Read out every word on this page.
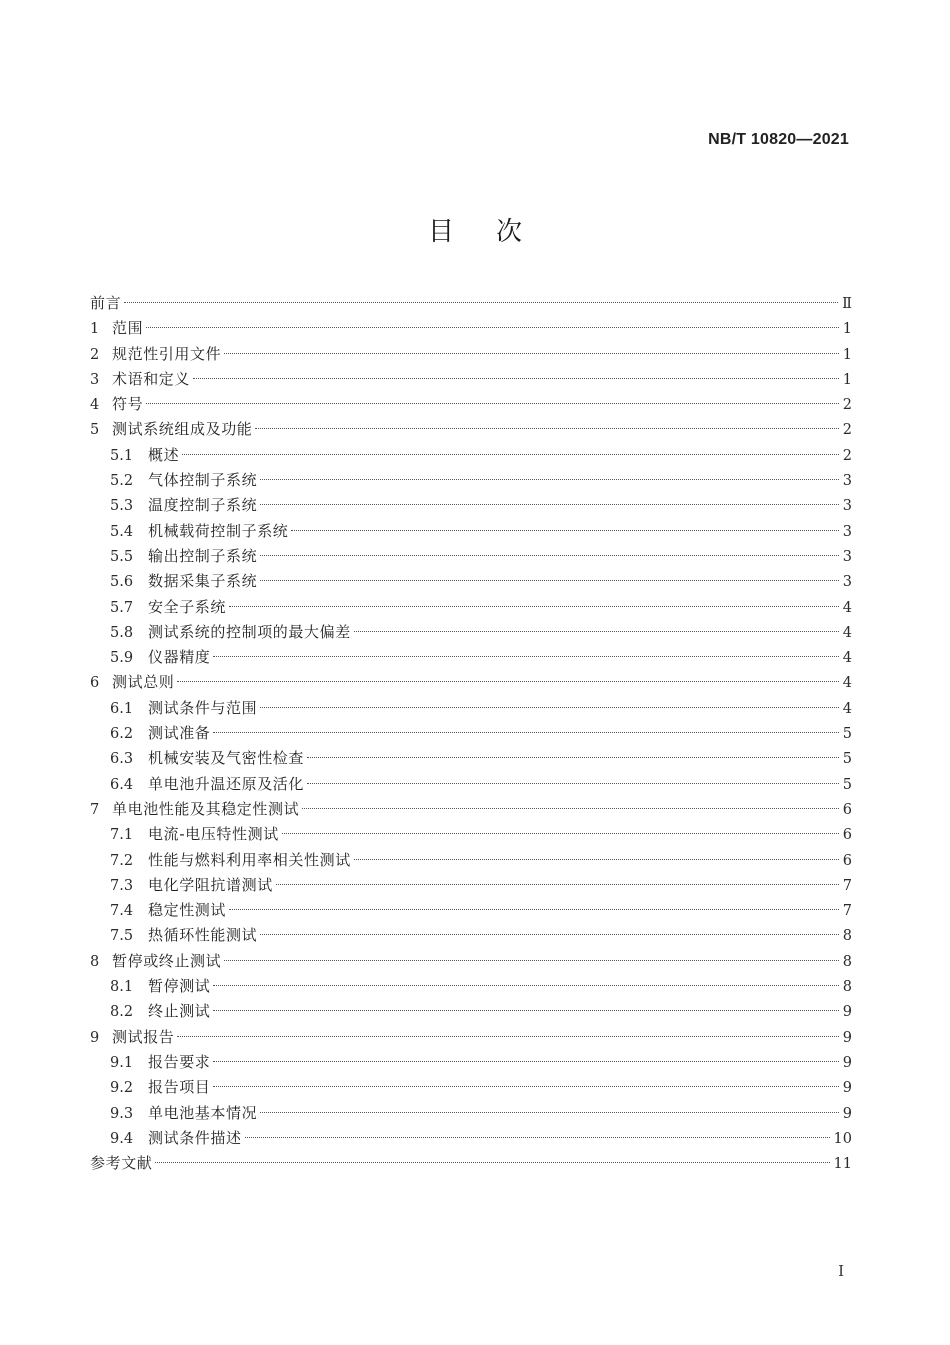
NB/T 10820—2021
目次
前言	Ⅱ
1 范围	1
2 规范性引用文件	1
3 术语和定义	1
4 符号	2
5 测试系统组成及功能	2
5.1 概述	2
5.2 气体控制子系统	3
5.3 温度控制子系统	3
5.4 机械载荷控制子系统	3
5.5 输出控制子系统	3
5.6 数据采集子系统	3
5.7 安全子系统	4
5.8 测试系统的控制项的最大偏差	4
5.9 仪器精度	4
6 测试总则	4
6.1 测试条件与范围	4
6.2 测试准备	5
6.3 机械安装及气密性检查	5
6.4 单电池升温还原及活化	5
7 单电池性能及其稳定性测试	6
7.1 电流-电压特性测试	6
7.2 性能与燃料利用率相关性测试	6
7.3 电化学阻抗谱测试	7
7.4 稳定性测试	7
7.5 热循环性能测试	8
8 暂停或终止测试	8
8.1 暂停测试	8
8.2 终止测试	9
9 测试报告	9
9.1 报告要求	9
9.2 报告项目	9
9.3 单电池基本情况	9
9.4 测试条件描述	10
参考文献	11
I
